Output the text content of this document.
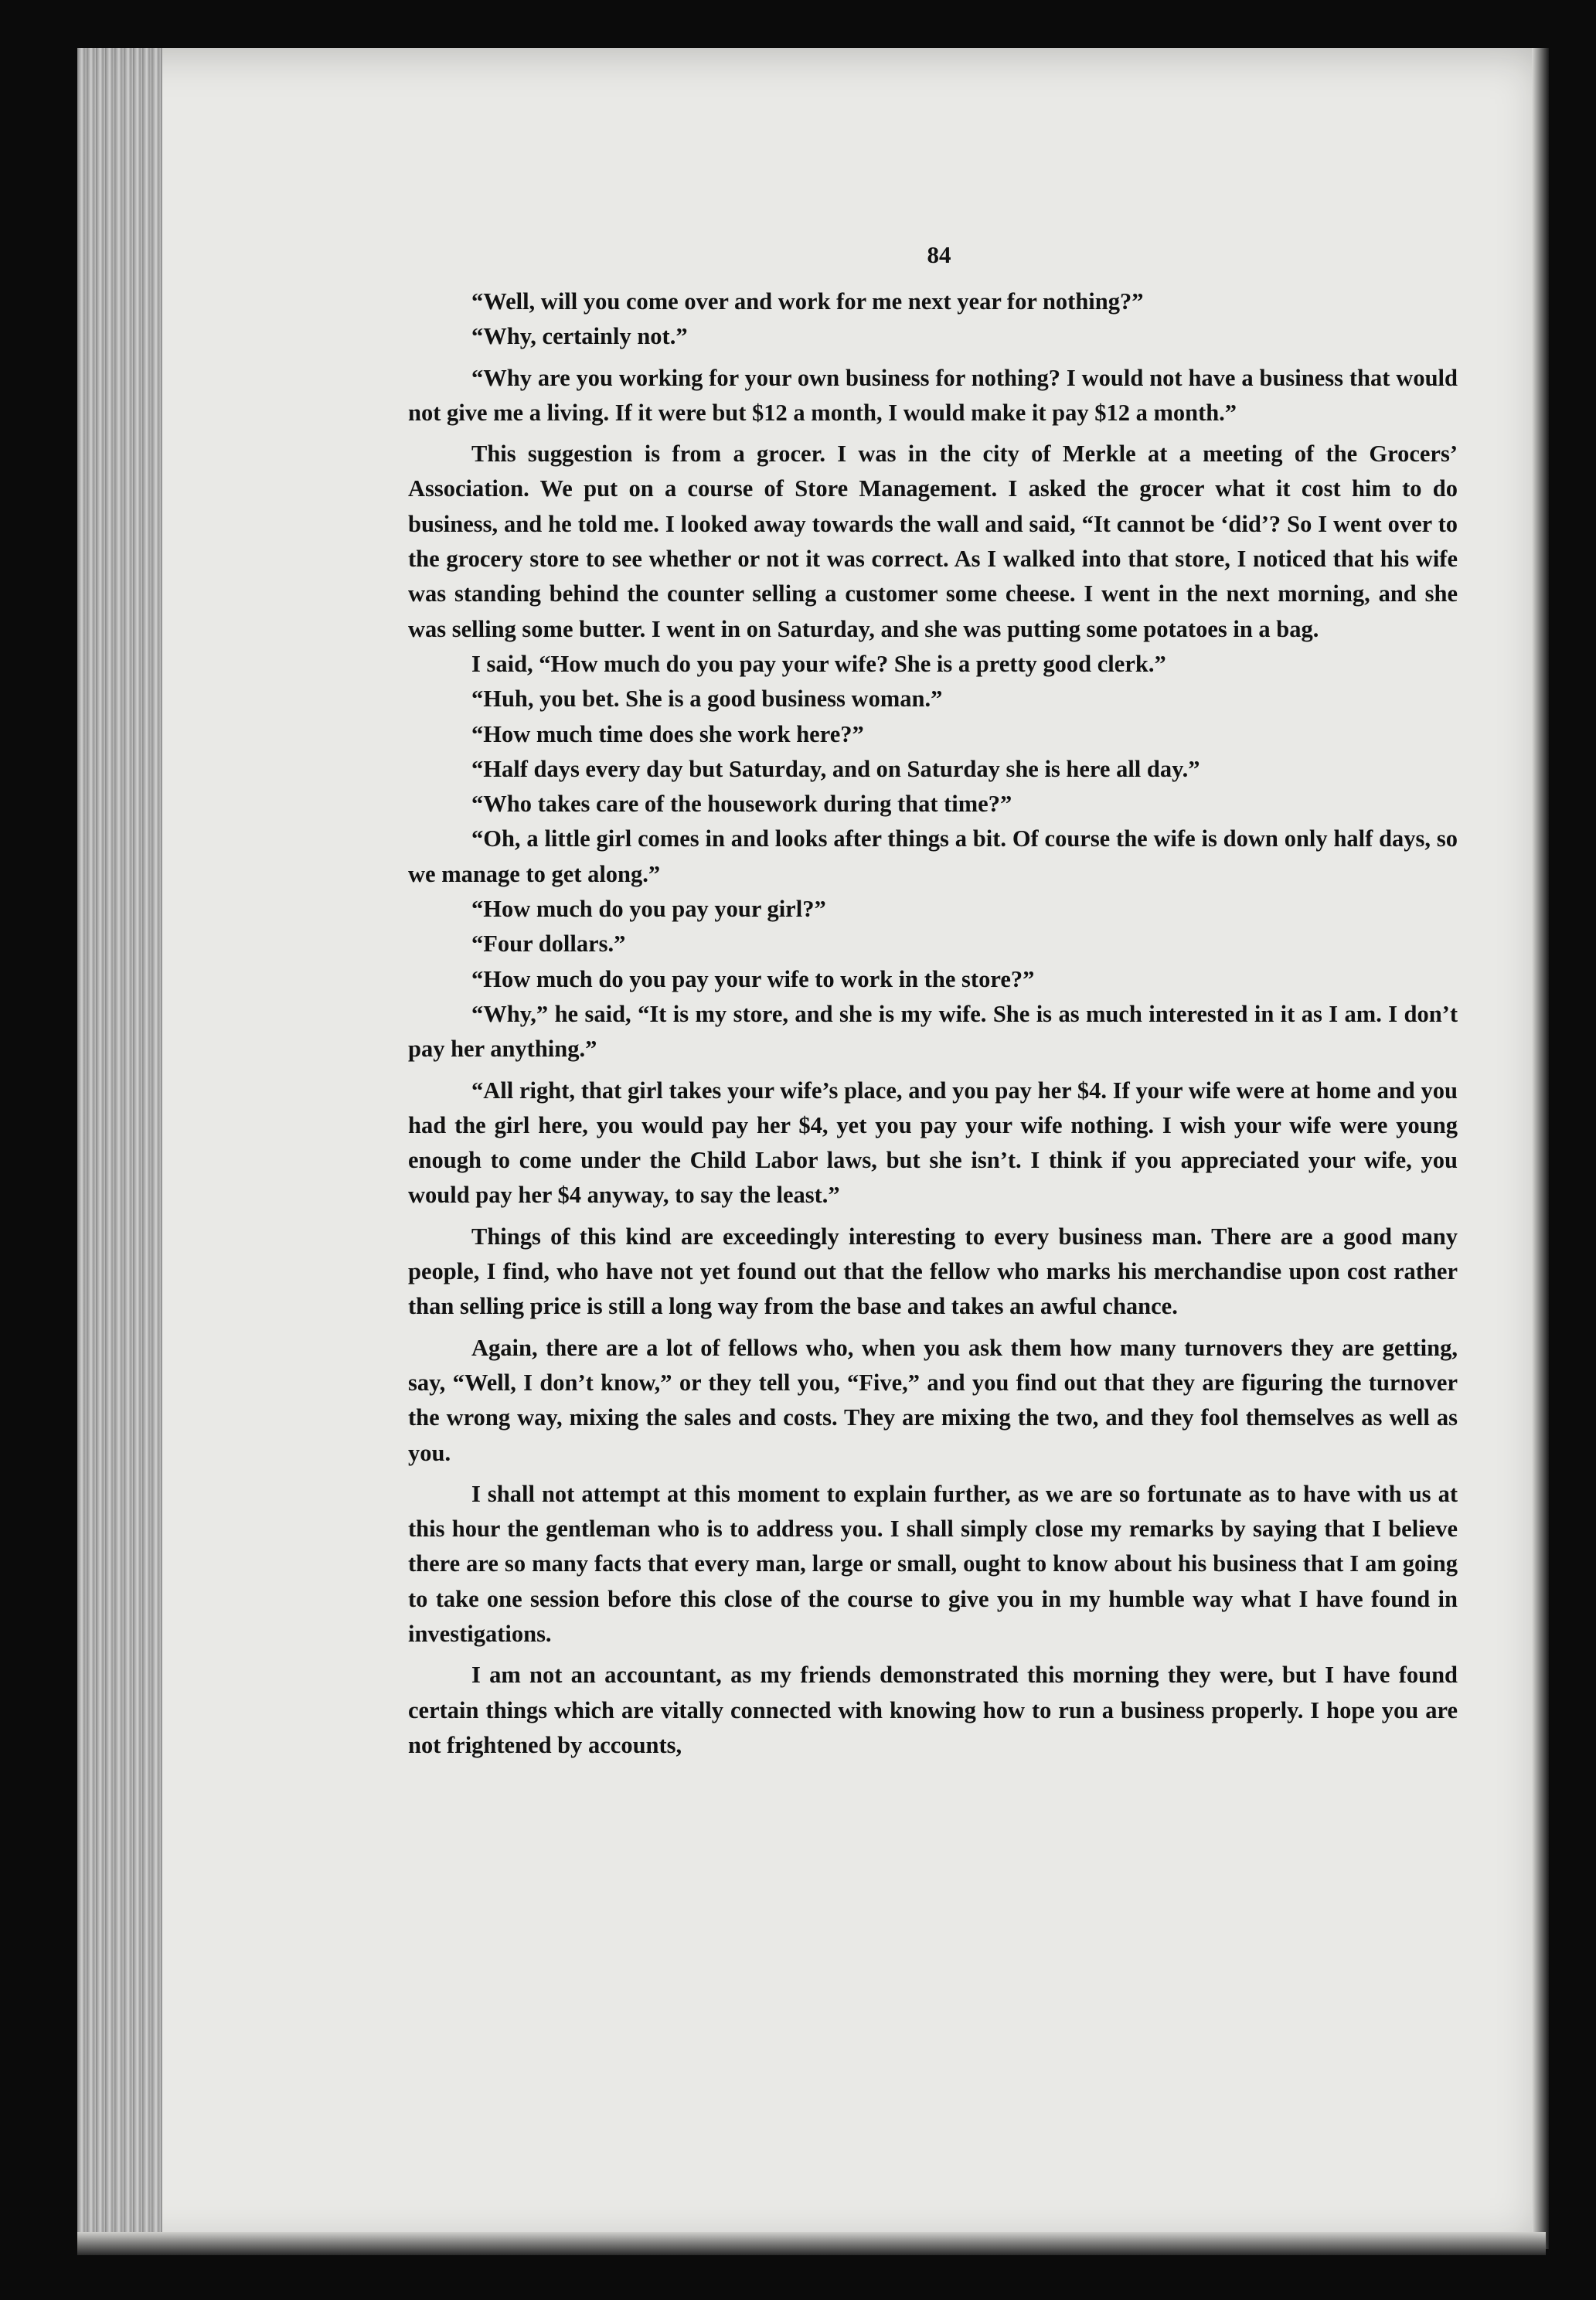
84

“Well, will you come over and work for me next year for nothing?”

“Why, certainly not.”

“Why are you working for your own business for nothing? I would not have a business that would not give me a living. If it were but $12 a month, I would make it pay $12 a month.”

This suggestion is from a grocer. I was in the city of Merkle at a meeting of the Grocers’ Association. We put on a course of Store Management. I asked the grocer what it cost him to do business, and he told me. I looked away towards the wall and said, “It cannot be ‘did’? So I went over to the grocery store to see whether or not it was correct. As I walked into that store, I noticed that his wife was standing behind the counter selling a customer some cheese. I went in the next morning, and she was selling some butter. I went in on Saturday, and she was putting some potatoes in a bag.

I said, “How much do you pay your wife? She is a pretty good clerk.”

“Huh, you bet. She is a good business woman.”

“How much time does she work here?”

“Half days every day but Saturday, and on Saturday she is here all day.”

“Who takes care of the housework during that time?”

“Oh, a little girl comes in and looks after things a bit. Of course the wife is down only half days, so we manage to get along.”

“How much do you pay your girl?”

“Four dollars.”

“How much do you pay your wife to work in the store?”

“Why,” he said, “It is my store, and she is my wife. She is as much interested in it as I am. I don’t pay her anything.”

“All right, that girl takes your wife’s place, and you pay her $4. If your wife were at home and you had the girl here, you would pay her $4, yet you pay your wife nothing. I wish your wife were young enough to come under the Child Labor laws, but she isn’t. I think if you appreciated your wife, you would pay her $4 anyway, to say the least.”

Things of this kind are exceedingly interesting to every business man. There are a good many people, I find, who have not yet found out that the fellow who marks his merchandise upon cost rather than selling price is still a long way from the base and takes an awful chance.

Again, there are a lot of fellows who, when you ask them how many turnovers they are getting, say, “Well, I don’t know,” or they tell you, “Five,” and you find out that they are figuring the turnover the wrong way, mixing the sales and costs. They are mixing the two, and they fool themselves as well as you.

I shall not attempt at this moment to explain further, as we are so fortunate as to have with us at this hour the gentleman who is to address you. I shall simply close my remarks by saying that I believe there are so many facts that every man, large or small, ought to know about his business that I am going to take one session before this close of the course to give you in my humble way what I have found in investigations.

I am not an accountant, as my friends demonstrated this morning they were, but I have found certain things which are vitally connected with knowing how to run a business properly. I hope you are not frightened by accounts,
